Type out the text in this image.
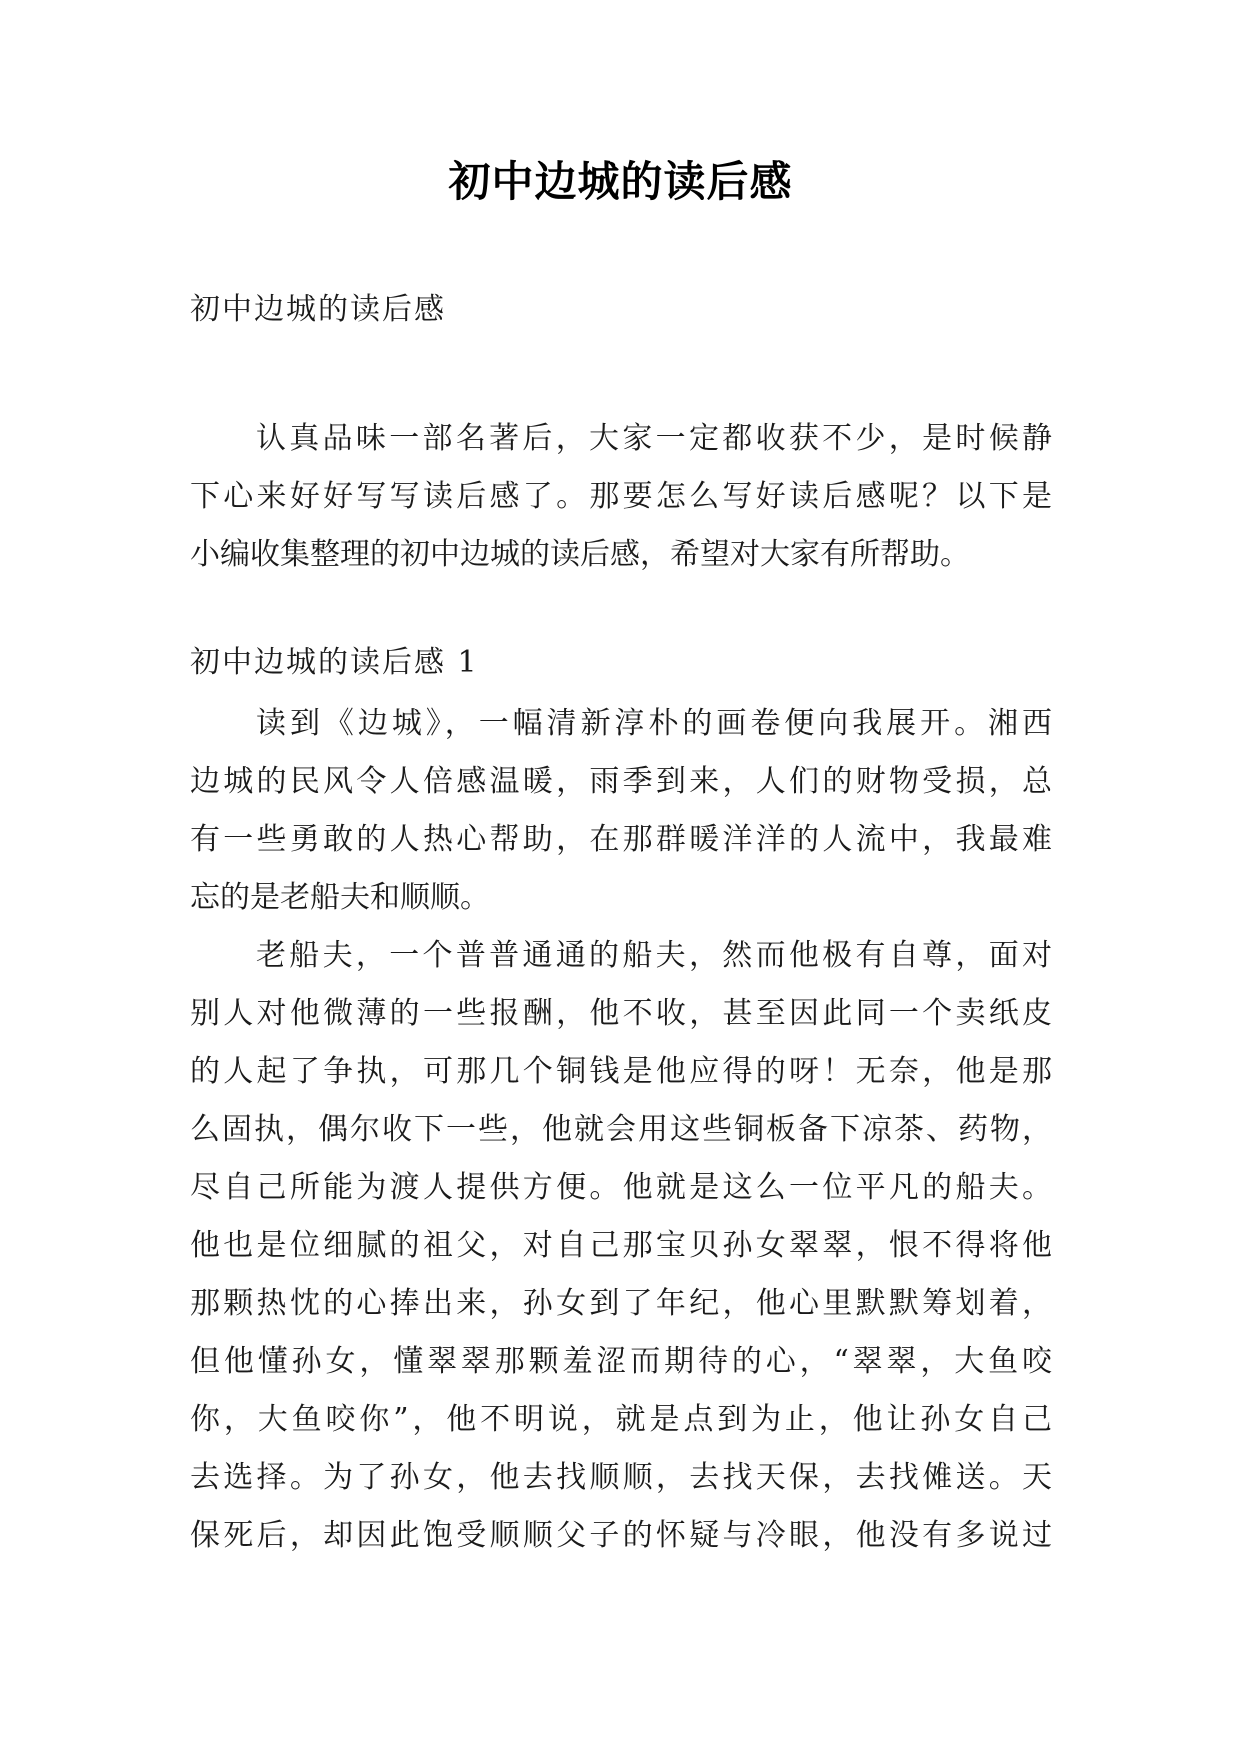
初中边城的读后感
初中边城的读后感
认真品味一部名著后，大家一定都收获不少，是时候静
下心来好好写写读后感了。那要怎么写好读后感呢？以下是
小编收集整理的初中边城的读后感，希望对大家有所帮助。
初中边城的读后感 1
读到《边城》，一幅清新淳朴的画卷便向我展开。湘西
边城的民风令人倍感温暖，雨季到来，人们的财物受损，总
有一些勇敢的人热心帮助，在那群暖洋洋的人流中，我最难
忘的是老船夫和顺顺。
老船夫，一个普普通通的船夫，然而他极有自尊，面对
别人对他微薄的一些报酬，他不收，甚至因此同一个卖纸皮
的人起了争执，可那几个铜钱是他应得的呀！无奈，他是那
么固执，偶尔收下一些，他就会用这些铜板备下凉茶、药物，
尽自己所能为渡人提供方便。他就是这么一位平凡的船夫。
他也是位细腻的祖父，对自己那宝贝孙女翠翠，恨不得将他
那颗热忱的心捧出来，孙女到了年纪，他心里默默筹划着，
但他懂孙女，懂翠翠那颗羞涩而期待的心，“翠翠，大鱼咬
你，大鱼咬你”，他不明说，就是点到为止，他让孙女自己
去选择。为了孙女，他去找顺顺，去找天保，去找傩送。天
保死后，却因此饱受顺顺父子的怀疑与冷眼，他没有多说过
